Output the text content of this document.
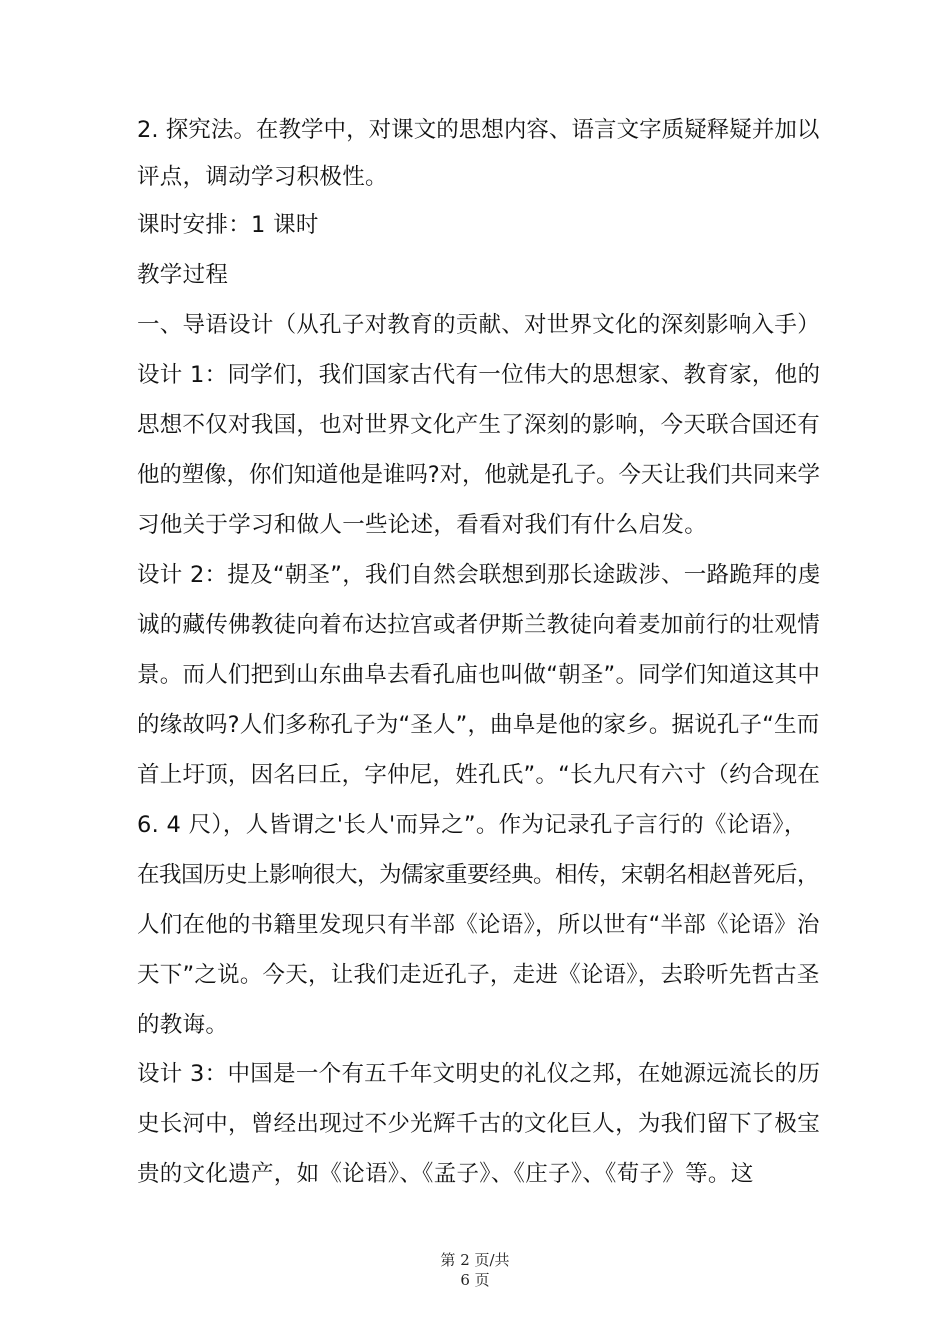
2. 探究法。在教学中，对课文的思想内容、语言文字质疑释疑并加以
评点，调动学习积极性。
课时安排：1 课时
教学过程
一、导语设计（从孔子对教育的贡献、对世界文化的深刻影响入手）
设计 1：同学们，我们国家古代有一位伟大的思想家、教育家，他的
思想不仅对我国，也对世界文化产生了深刻的影响，今天联合国还有
他的塑像，你们知道他是谁吗?对，他就是孔子。今天让我们共同来学
习他关于学习和做人一些论述，看看对我们有什么启发。
设计 2：提及“朝圣”，我们自然会联想到那长途跋涉、一路跪拜的虔
诚的藏传佛教徒向着布达拉宫或者伊斯兰教徒向着麦加前行的壮观情
景。而人们把到山东曲阜去看孔庙也叫做“朝圣”。同学们知道这其中
的缘故吗?人们多称孔子为“圣人”，曲阜是他的家乡。据说孔子“生而
首上圩顶，因名曰丘，字仲尼，姓孔氏”。“长九尺有六寸（约合现在
6. 4 尺），人皆谓之'长人'而异之”。作为记录孔子言行的《论语》，
在我国历史上影响很大，为儒家重要经典。相传，宋朝名相赵普死后，
人们在他的书籍里发现只有半部《论语》，所以世有“半部《论语》治
天下”之说。今天，让我们走近孔子，走进《论语》，去聆听先哲古圣
的教诲。
设计 3：中国是一个有五千年文明史的礼仪之邦，在她源远流长的历
史长河中，曾经出现过不少光辉千古的文化巨人，为我们留下了极宝
贵的文化遗产，如《论语》、《孟子》、《庄子》、《荀子》等。这
第 2 页/共
6 页
